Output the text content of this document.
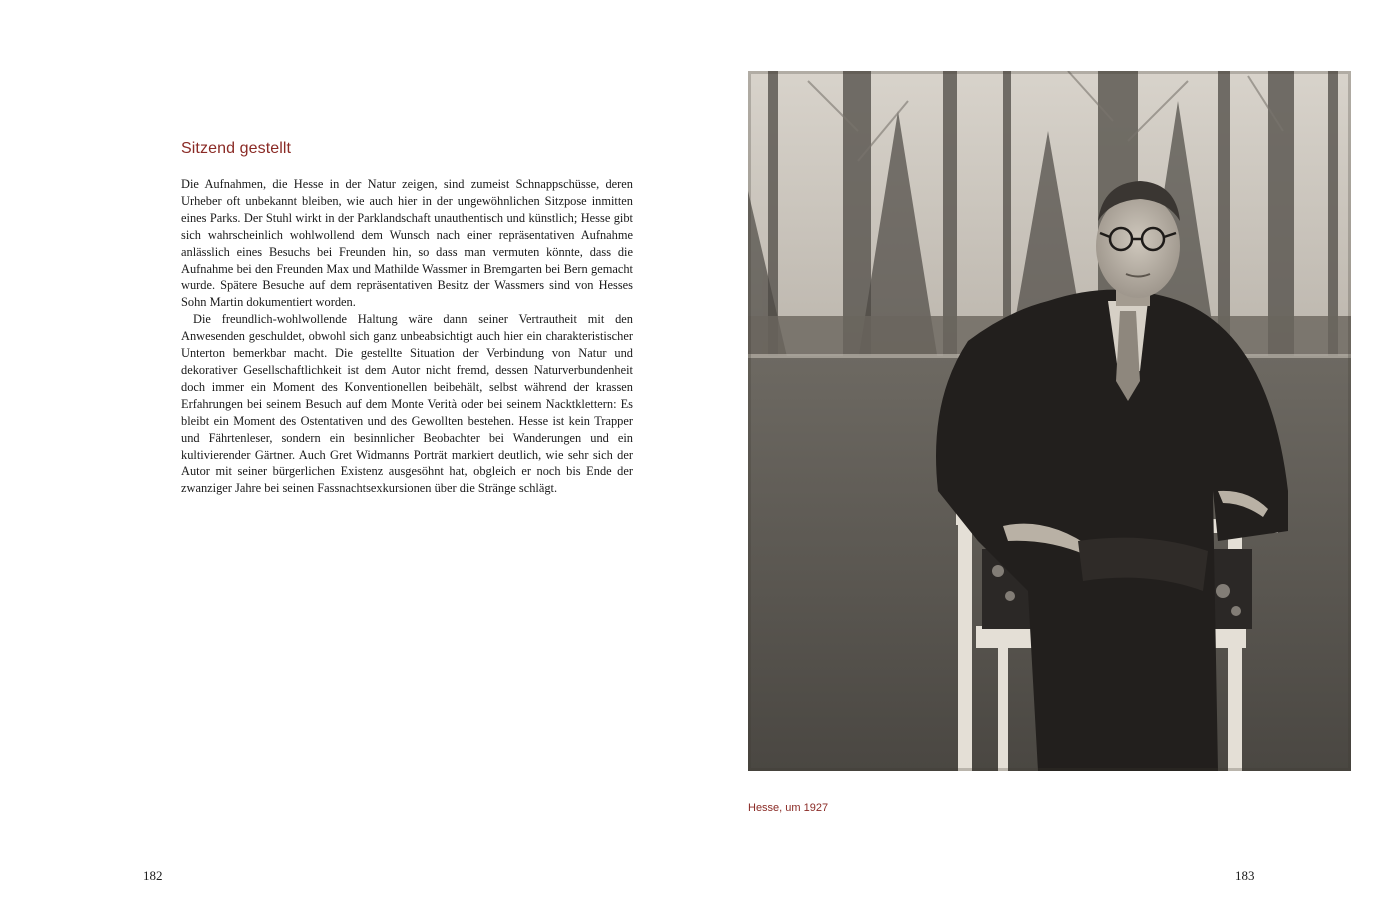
Sitzend gestellt

Die Aufnahmen, die Hesse in der Natur zeigen, sind zumeist Schnappschüsse, deren Urheber oft unbekannt bleiben, wie auch hier in der ungewöhnlichen Sitzpose inmitten eines Parks. Der Stuhl wirkt in der Parklandschaft unauthentisch und künstlich; Hesse gibt sich wahrscheinlich wohlwollend dem Wunsch nach einer repräsentativen Aufnahme anlässlich eines Besuchs bei Freunden hin, so dass man vermuten könnte, dass die Aufnahme bei den Freunden Max und Mathilde Wassmer in Bremgarten bei Bern gemacht wurde. Spätere Besuche auf dem repräsentativen Besitz der Wassmers sind von Hesses Sohn Martin dokumentiert worden.

Die freundlich-wohlwollende Haltung wäre dann seiner Vertrautheit mit den Anwesenden geschuldet, obwohl sich ganz unbeabsichtigt auch hier ein charakteristischer Unterton bemerkbar macht. Die gestellte Situation der Verbindung von Natur und dekorativer Gesellschaftlichkeit ist dem Autor nicht fremd, dessen Naturverbundenheit doch immer ein Moment des Konventionellen beibehält, selbst während der krassen Erfahrungen bei seinem Besuch auf dem Monte Verità oder bei seinem Nacktklettern: Es bleibt ein Moment des Ostentativen und des Gewollten bestehen. Hesse ist kein Trapper und Fährtenleser, sondern ein besinnlicher Beobachter bei Wanderungen und ein kultivierender Gärtner. Auch Gret Widmanns Porträt markiert deutlich, wie sehr sich der Autor mit seiner bürgerlichen Existenz ausgesöhnt hat, obgleich er noch bis Ende der zwanziger Jahre bei seinen Fassnachtsexkursionen über die Stränge schlägt.

Hesse, um 1927
182	183
